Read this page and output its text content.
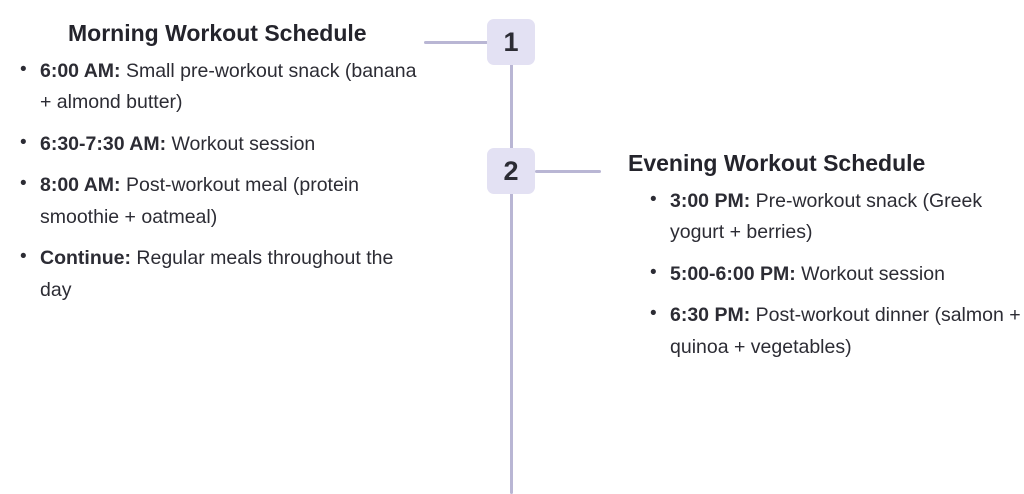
1
2
Morning Workout Schedule
• 6:00 AM: Small pre-workout snack (banana + almond butter)
• 6:30-7:30 AM: Workout session
• 8:00 AM: Post-workout meal (protein smoothie + oatmeal)
• Continue: Regular meals throughout the day
Evening Workout Schedule
• 3:00 PM: Pre-workout snack (Greek yogurt + berries)
• 5:00-6:00 PM: Workout session
• 6:30 PM: Post-workout dinner (salmon + quinoa + vegetables)
